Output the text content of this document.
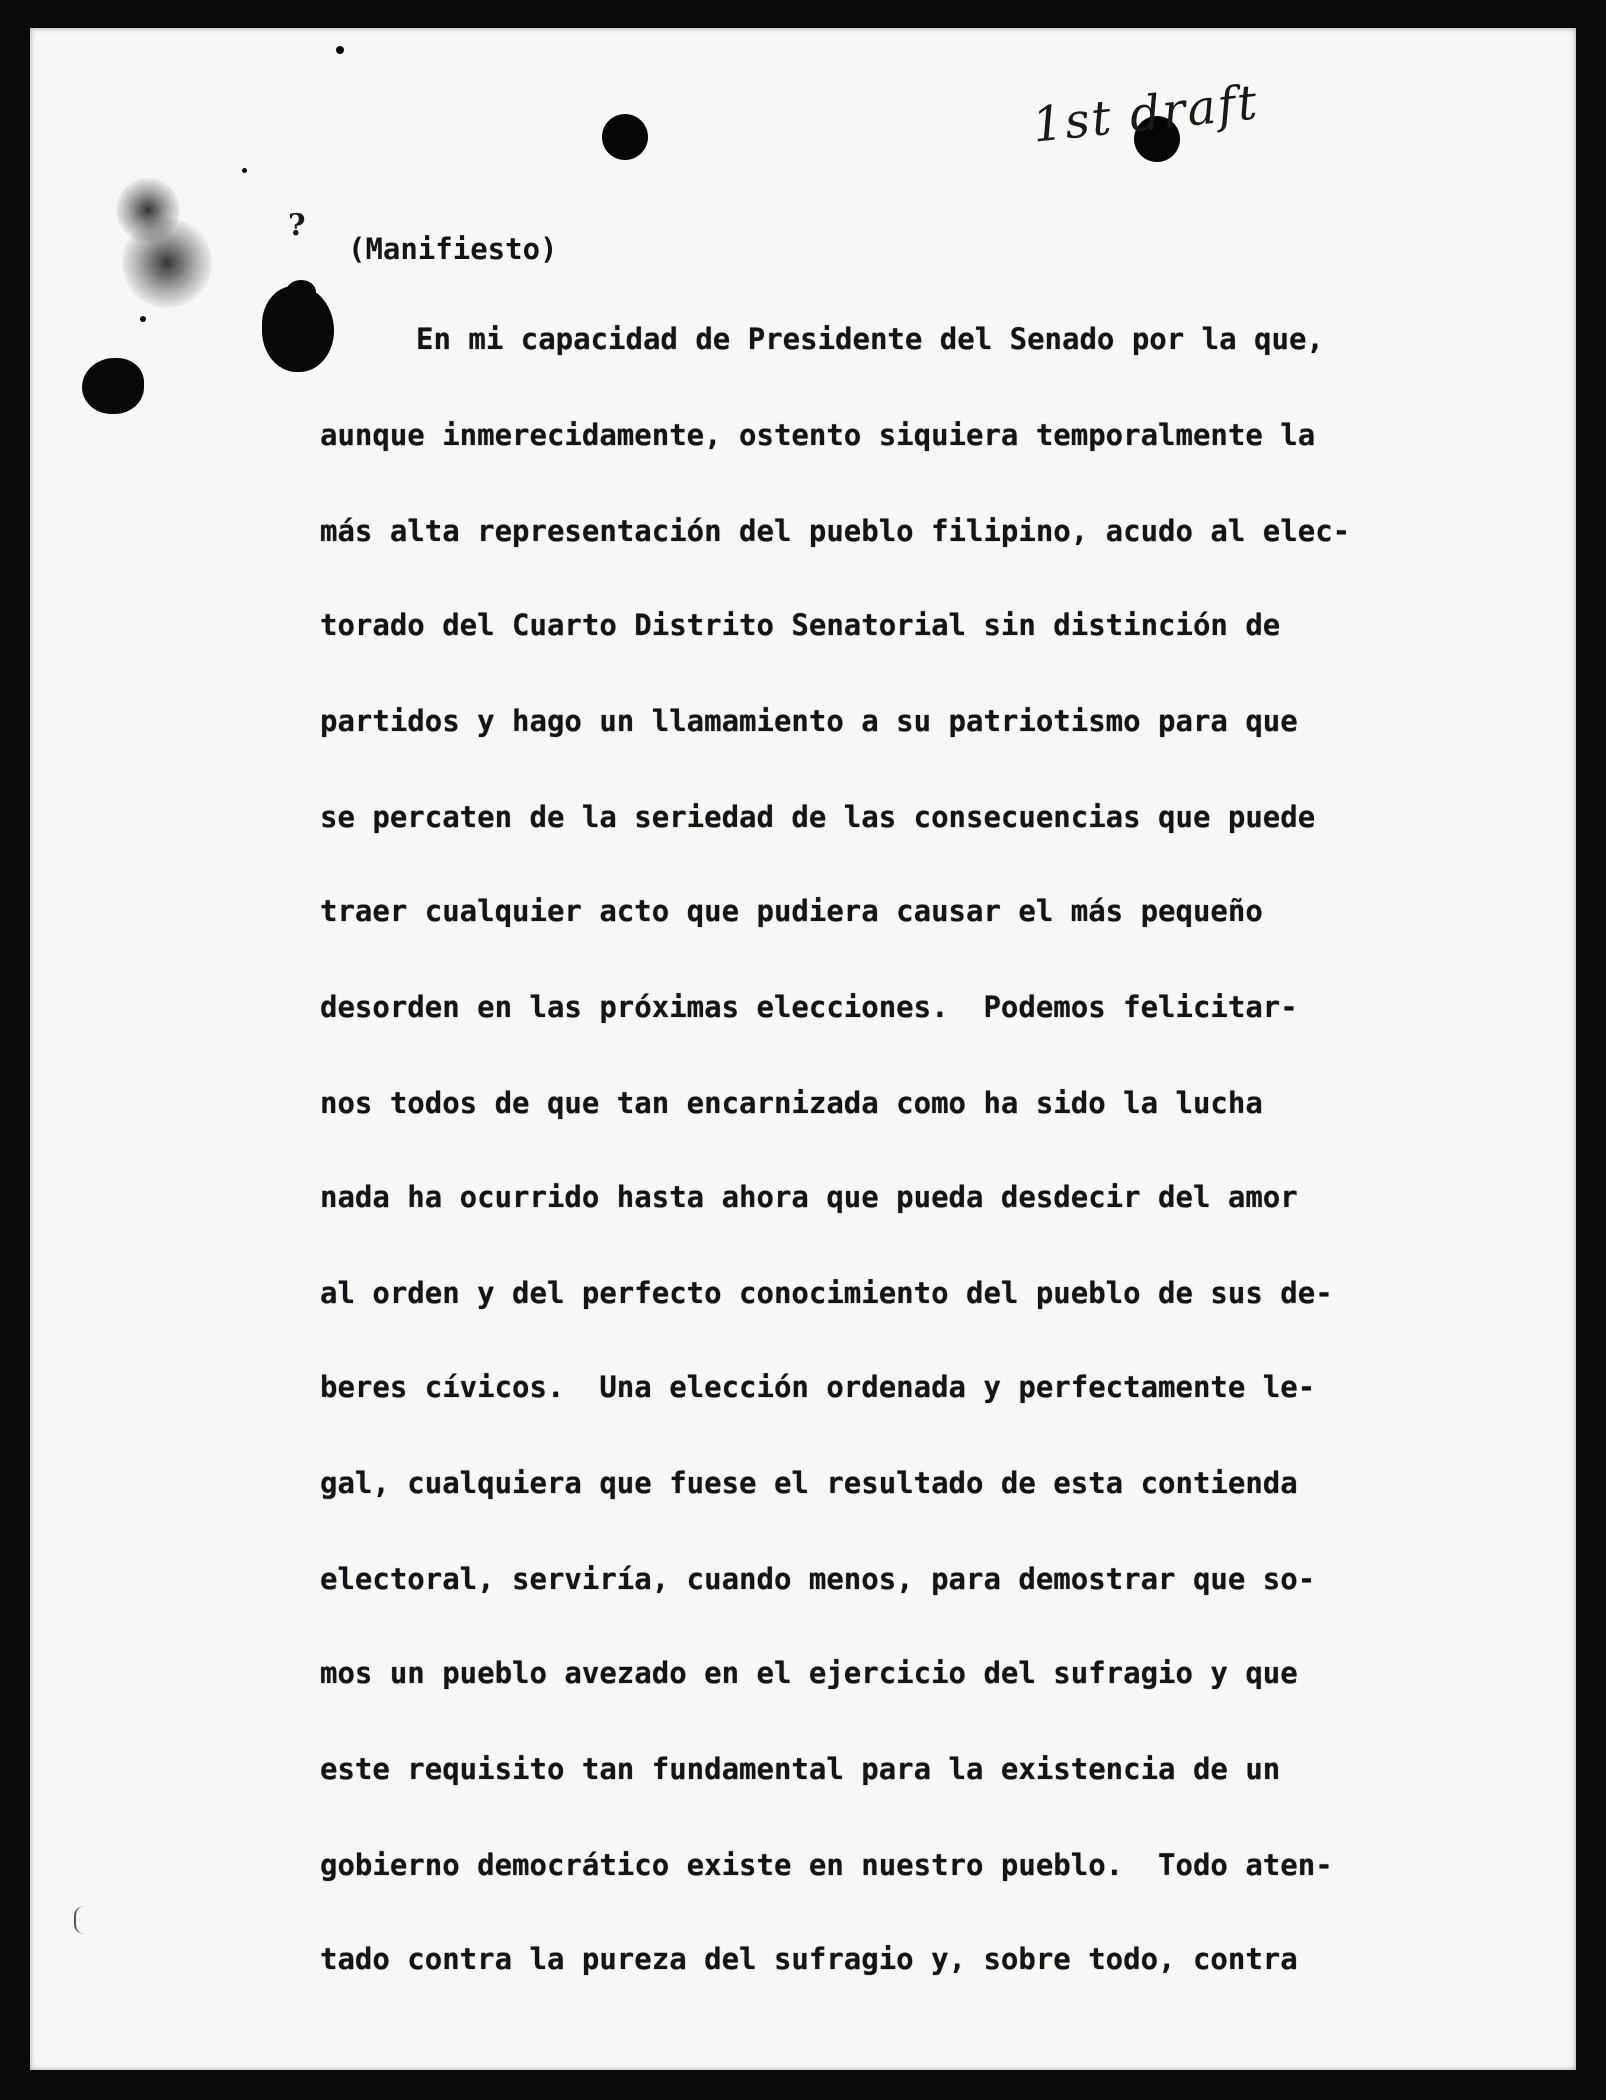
1st draft
?
(Manifiesto)
En mi capacidad de Presidente del Senado por la que,
aunque inmerecidamente, ostento siquiera temporalmente la
más alta representación del pueblo filipino, acudo al elec-
torado del Cuarto Distrito Senatorial sin distinción de
partidos y hago un llamamiento a su patriotismo para que
se percaten de la seriedad de las consecuencias que puede
traer cualquier acto que pudiera causar el más pequeño
desorden en las próximas elecciones.  Podemos felicitar-
nos todos de que tan encarnizada como ha sido la lucha
nada ha ocurrido hasta ahora que pueda desdecir del amor
al orden y del perfecto conocimiento del pueblo de sus de-
beres cívicos.  Una elección ordenada y perfectamente le-
gal, cualquiera que fuese el resultado de esta contienda
electoral, serviría, cuando menos, para demostrar que so-
mos un pueblo avezado en el ejercicio del sufragio y que
este requisito tan fundamental para la existencia de un
gobierno democrático existe en nuestro pueblo.  Todo aten-
tado contra la pureza del sufragio y, sobre todo, contra
